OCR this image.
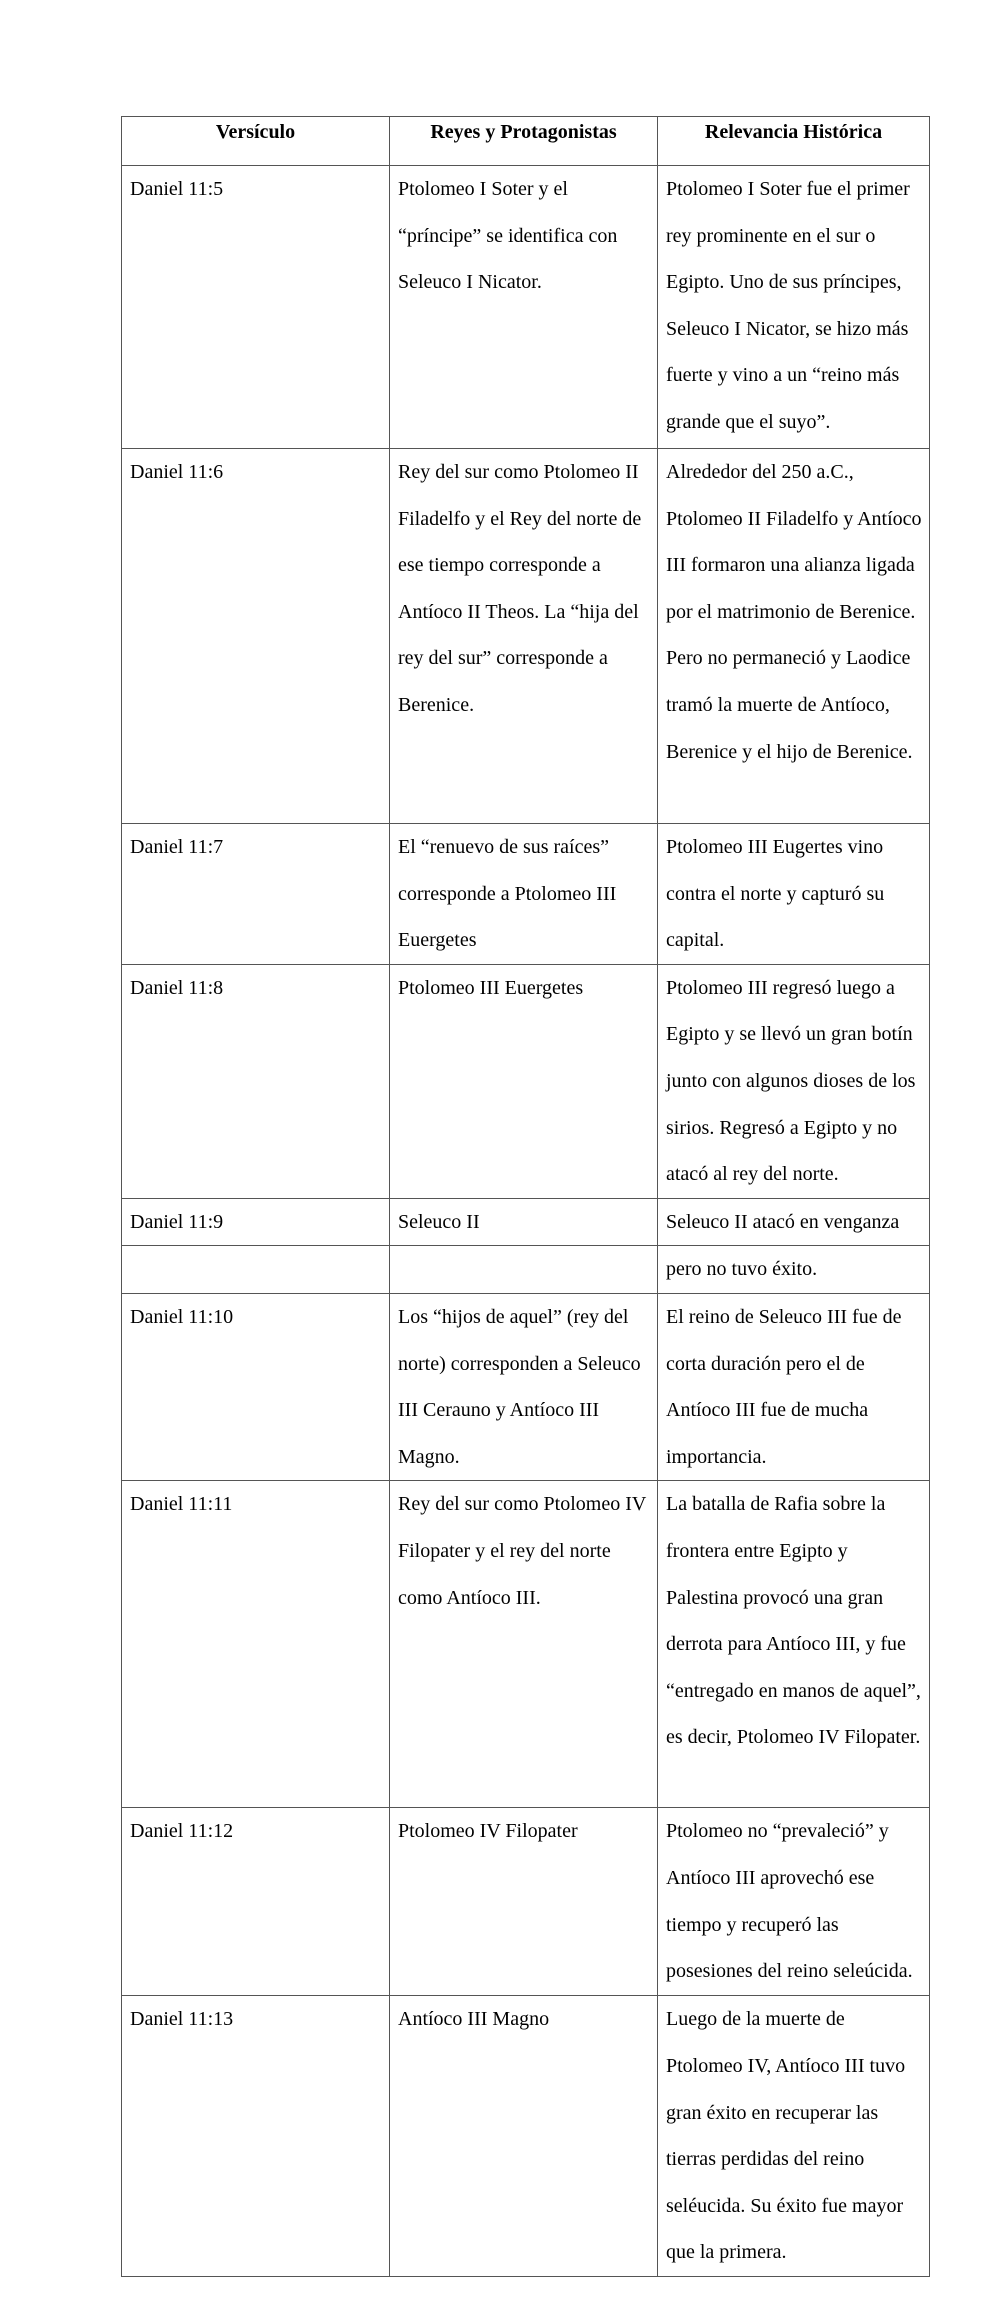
Versículo	Reyes y Protagonistas	Relevancia Histórica
Daniel 11:5	Ptolomeo I Soter y el “príncipe” se identifica con Seleuco I Nicator.	Ptolomeo I Soter fue el primer rey prominente en el sur o Egipto. Uno de sus príncipes, Seleuco I Nicator, se hizo más fuerte y vino a un “reino más grande que el suyo”.
Daniel 11:6	Rey del sur como Ptolomeo II Filadelfo y el Rey del norte de ese tiempo corresponde a Antíoco II Theos. La “hija del rey del sur” corresponde a Berenice.	Alrededor del 250 a.C., Ptolomeo II Filadelfo y Antíoco III formaron una alianza ligada por el matrimonio de Berenice. Pero no permaneció y Laodice tramó la muerte de Antíoco, Berenice y el hijo de Berenice.
Daniel 11:7	El “renuevo de sus raíces” corresponde a Ptolomeo III Euergetes	Ptolomeo III Eugertes vino contra el norte y capturó su capital.
Daniel 11:8	Ptolomeo III Euergetes	Ptolomeo III regresó luego a Egipto y se llevó un gran botín junto con algunos dioses de los sirios. Regresó a Egipto y no atacó al rey del norte.
Daniel 11:9	Seleuco II	Seleuco II atacó en venganza
		pero no tuvo éxito.
Daniel 11:10	Los “hijos de aquel” (rey del norte) corresponden a Seleuco III Ceraunо y Antíoco III Magno.	El reino de Seleuco III fue de corta duración pero el de Antíoco III fue de mucha importancia.
Daniel 11:11	Rey del sur como Ptolomeo IV Filopater y el rey del norte como Antíoco III.	La batalla de Rafia sobre la frontera entre Egipto y Palestina provocó una gran derrota para Antíoco III, y fue “entregado en manos de aquel”, es decir, Ptolomeo IV Filopater.
Daniel 11:12	Ptolomeo IV Filopater	Ptolomeo no “prevaleció” y Antíoco III aprovechó ese tiempo y recuperó las posesiones del reino seleúcida.
Daniel 11:13	Antíoco III Magno	Luego de la muerte de Ptolomeo IV, Antíoco III tuvo gran éxito en recuperar las tierras perdidas del reino seléucida. Su éxito fue mayor que la primera.
